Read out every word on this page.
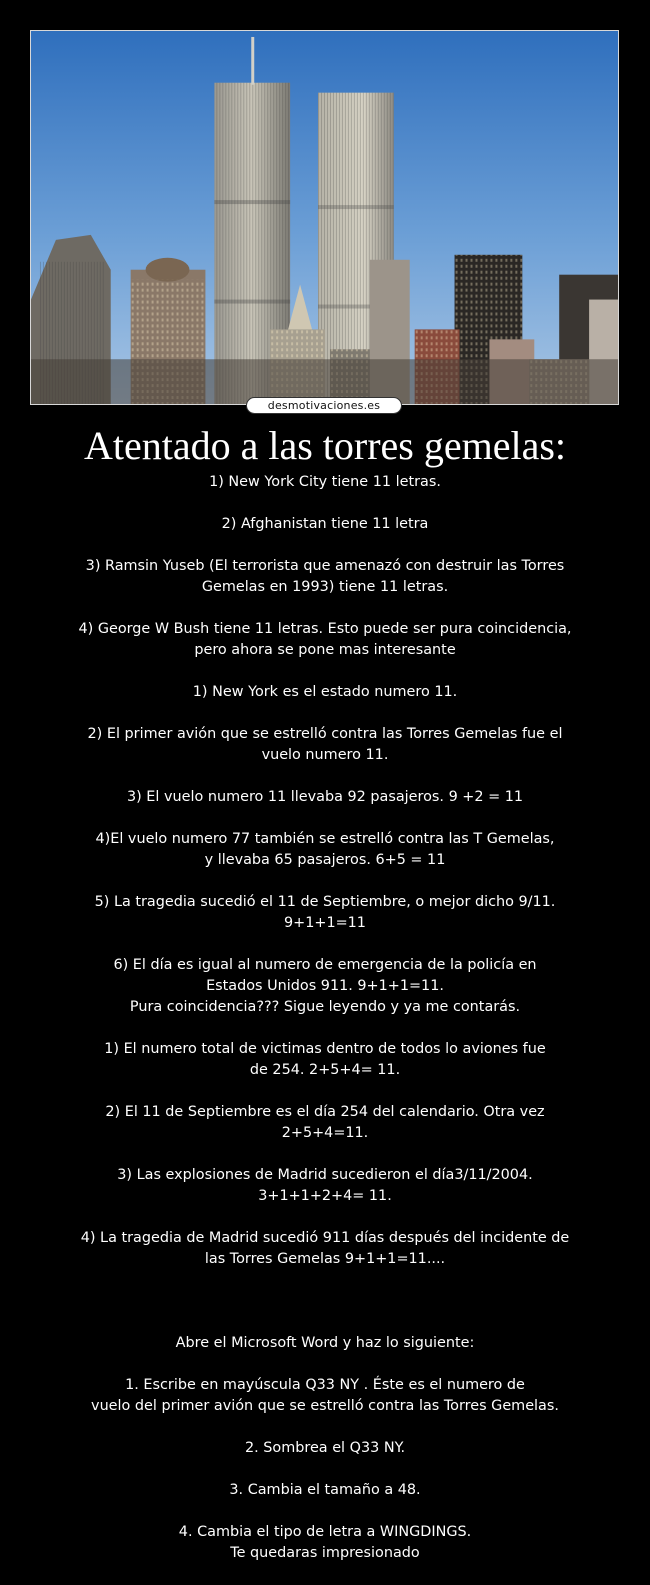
desmotivaciones.es
Atentado a las torres gemelas:

1) New York City tiene 11 letras.

2) Afghanistan tiene 11 letra

3) Ramsin Yuseb (El terrorista que amenazó con destruir las Torres
Gemelas en 1993) tiene 11 letras.

4) George W Bush tiene 11 letras. Esto puede ser pura coincidencia,
pero ahora se pone mas interesante

1) New York es el estado numero 11.

2) El primer avión que se estrelló contra las Torres Gemelas fue el
vuelo numero 11.

3) El vuelo numero 11 llevaba 92 pasajeros. 9 +2 = 11

4)El vuelo numero 77 también se estrelló contra las T Gemelas,
y llevaba 65 pasajeros. 6+5 = 11

5) La tragedia sucedió el 11 de Septiembre, o mejor dicho 9/11.
9+1+1=11

6) El día es igual al numero de emergencia de la policía en
Estados Unidos 911. 9+1+1=11.
Pura coincidencia??? Sigue leyendo y ya me contarás.

1) El numero total de victimas dentro de todos lo aviones fue
de 254. 2+5+4= 11.

2) El 11 de Septiembre es el día 254 del calendario. Otra vez
2+5+4=11.

3) Las explosiones de Madrid sucedieron el día3/11/2004.
3+1+1+2+4= 11.

4) La tragedia de Madrid sucedió 911 días después del incidente de
las Torres Gemelas 9+1+1=11....

Abre el Microsoft Word y haz lo siguiente:

1. Escribe en mayúscula Q33 NY . Éste es el numero de
vuelo del primer avión que se estrelló contra las Torres Gemelas.

2. Sombrea el Q33 NY.

3. Cambia el tamaño a 48.

4. Cambia el tipo de letra a WINGDINGS.
Te quedaras impresionado
